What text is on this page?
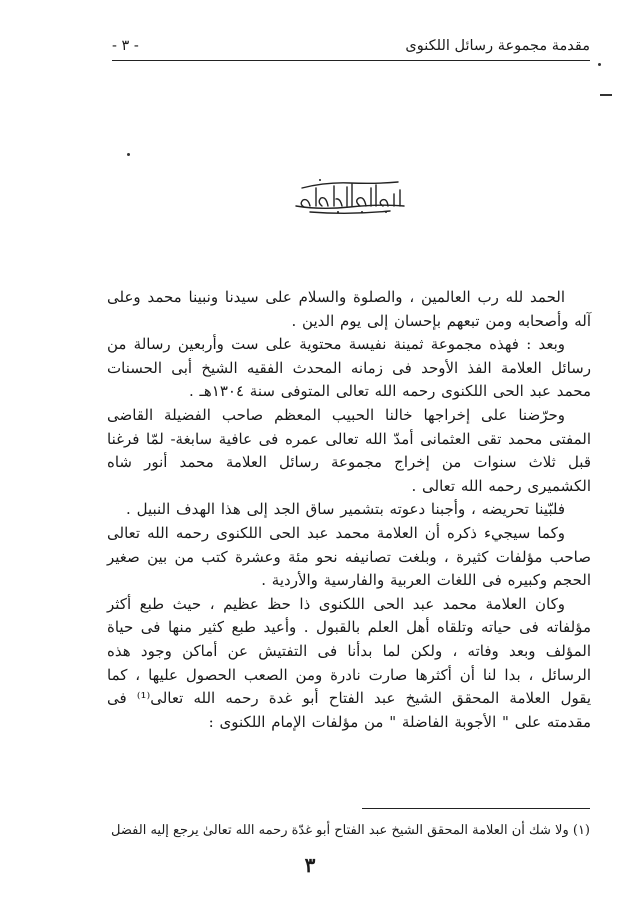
مقدمة مجموعة رسائل اللكنوى
- ٣ -

الحمد لله رب العالمين ، والصلوة والسلام على سيدنا ونبينا محمد وعلى آله وأصحابه ومن تبعهم بإحسان إلى يوم الدين .

وبعد : فهذه مجموعة ثمينة نفيسة محتوية على ست وأربعين رسالة من رسائل العلامة الفذ الأوحد فى زمانه المحدث الفقيه الشيخ أبى الحسنات محمد عبد الحى اللكنوى رحمه الله تعالى المتوفى سنة ١٣٠٤هـ .

وحرّضنا على إخراجها خالنا الحبيب المعظم صاحب الفضيلة القاضى المفتى محمد تقى العثمانى أمدّ الله تعالى عمره فى عافية سابغة- لمّا فرغنا قبل ثلاث سنوات من إخراج مجموعة رسائل العلامة محمد أنور شاه الكشميرى رحمه الله تعالى .

فلبّينا تحريضه ، وأجبنا دعوته بتشمير ساق الجد إلى هذا الهدف النبيل .

وكما سيجيء ذكره أن العلامة محمد عبد الحى اللكنوى رحمه الله تعالى صاحب مؤلفات كثيرة ، وبلغت تصانيفه نحو مئة وعشرة كتب من بين صغير الحجم وكبيره فى اللغات العربية والفارسية والأردية .

وكان العلامة محمد عبد الحى اللكنوى ذا حظ عظيم ، حيث طبع أكثر مؤلفاته فى حياته وتلقاه أهل العلم بالقبول . وأعيد طبع كثير منها فى حياة المؤلف وبعد وفاته ، ولكن لما بدأنا فى التفتيش عن أماكن وجود هذه الرسائل ، بدا لنا أن أكثرها صارت نادرة ومن الصعب الحصول عليها ، كما يقول العلامة المحقق الشيخ عبد الفتاح أبو غدة رحمه الله تعالى⁽¹⁾ فى مقدمته على " الأجوبة الفاضلة " من مؤلفات الإمام اللكنوى :

(١) ولا شك أن العلامة المحقق الشيخ عبد الفتاح أبو غدّة رحمه الله تعالىٰ يرجع إليه الفضل
٣
